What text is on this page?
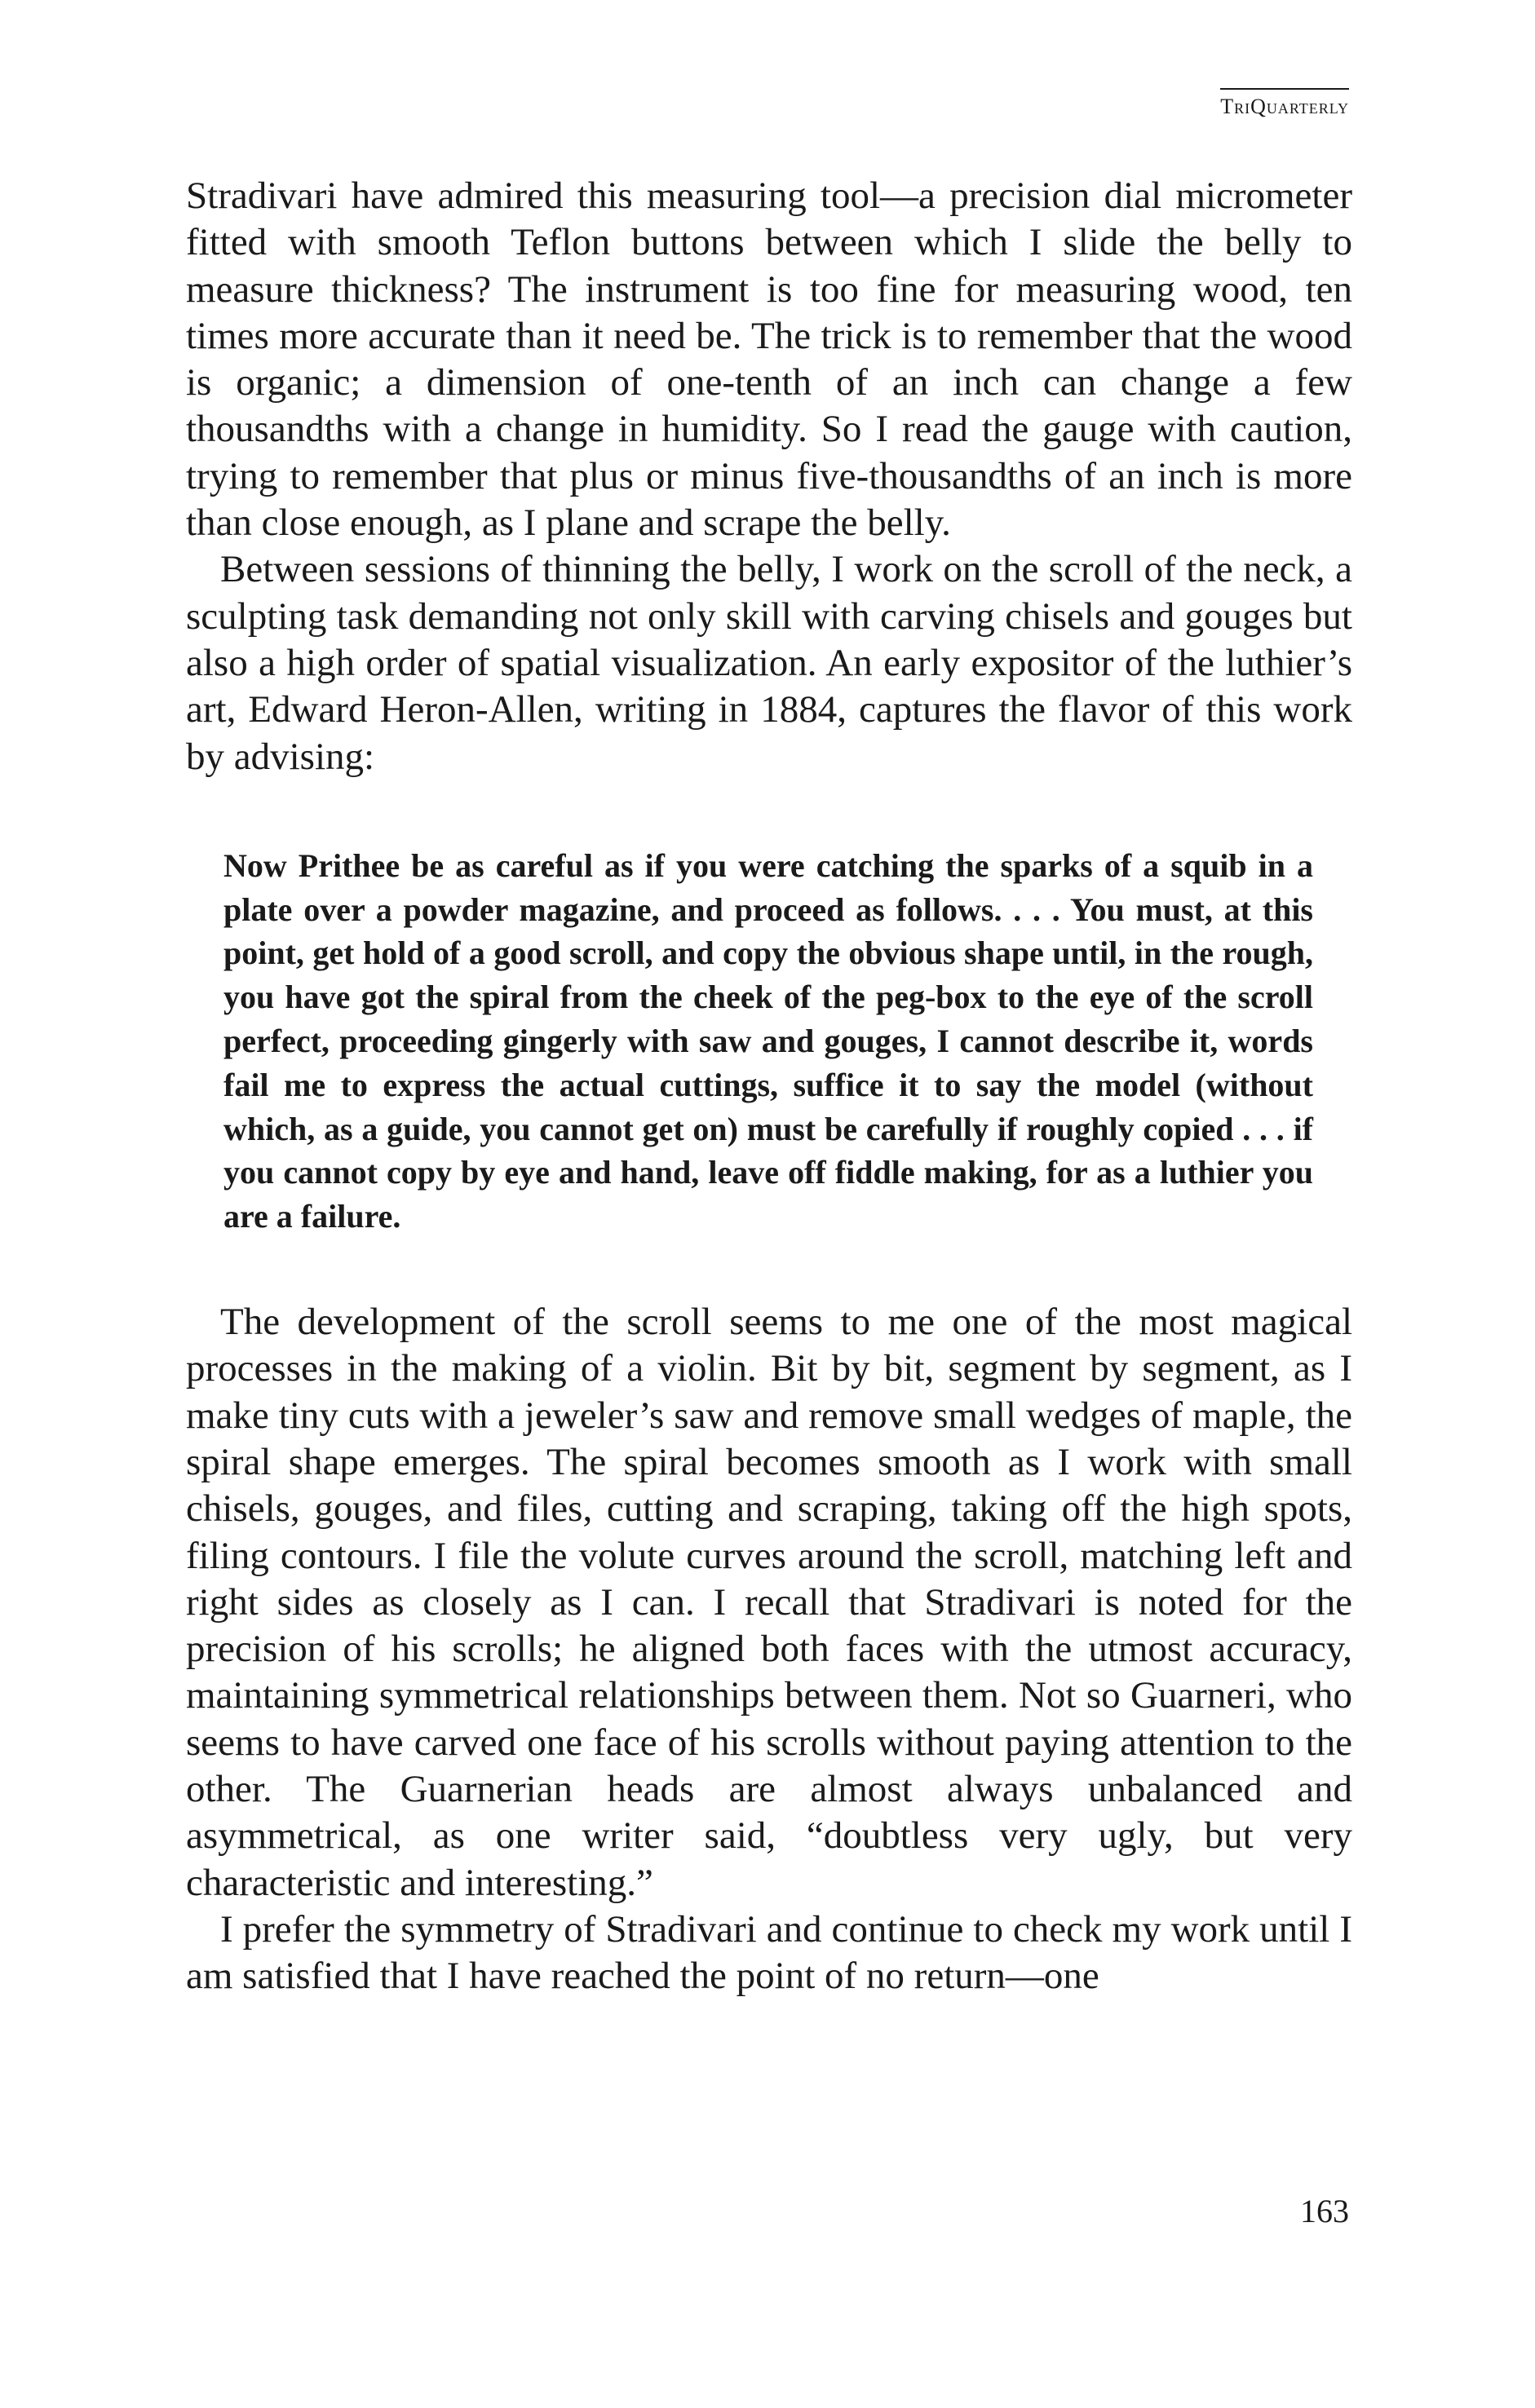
TriQuarterly

Stradivari have admired this measuring tool—a precision dial micrometer fitted with smooth Teflon buttons between which I slide the belly to measure thickness? The instrument is too fine for measuring wood, ten times more accurate than it need be. The trick is to remember that the wood is organic; a dimension of one-tenth of an inch can change a few thousandths with a change in humidity. So I read the gauge with caution, trying to remember that plus or minus five-thousandths of an inch is more than close enough, as I plane and scrape the belly.

Between sessions of thinning the belly, I work on the scroll of the neck, a sculpting task demanding not only skill with carving chisels and gouges but also a high order of spatial visualization. An early expositor of the luthier’s art, Edward Heron-Allen, writing in 1884, captures the flavor of this work by advising:

Now Prithee be as careful as if you were catching the sparks of a squib in a plate over a powder magazine, and proceed as follows. . . . You must, at this point, get hold of a good scroll, and copy the obvious shape until, in the rough, you have got the spiral from the cheek of the peg-box to the eye of the scroll perfect, proceeding gingerly with saw and gouges, I cannot describe it, words fail me to express the actual cuttings, suffice it to say the model (without which, as a guide, you cannot get on) must be carefully if roughly copied . . . if you cannot copy by eye and hand, leave off fiddle making, for as a luthier you are a failure.

The development of the scroll seems to me one of the most magical processes in the making of a violin. Bit by bit, segment by segment, as I make tiny cuts with a jeweler’s saw and remove small wedges of maple, the spiral shape emerges. The spiral becomes smooth as I work with small chisels, gouges, and files, cutting and scraping, taking off the high spots, filing contours. I file the volute curves around the scroll, matching left and right sides as closely as I can. I recall that Stradivari is noted for the precision of his scrolls; he aligned both faces with the utmost accuracy, maintaining symmetrical relationships between them. Not so Guarneri, who seems to have carved one face of his scrolls without paying attention to the other. The Guarnerian heads are almost always unbalanced and asymmetrical, as one writer said, “doubtless very ugly, but very characteristic and interesting.”

I prefer the symmetry of Stradivari and continue to check my work until I am satisfied that I have reached the point of no return—one

163
